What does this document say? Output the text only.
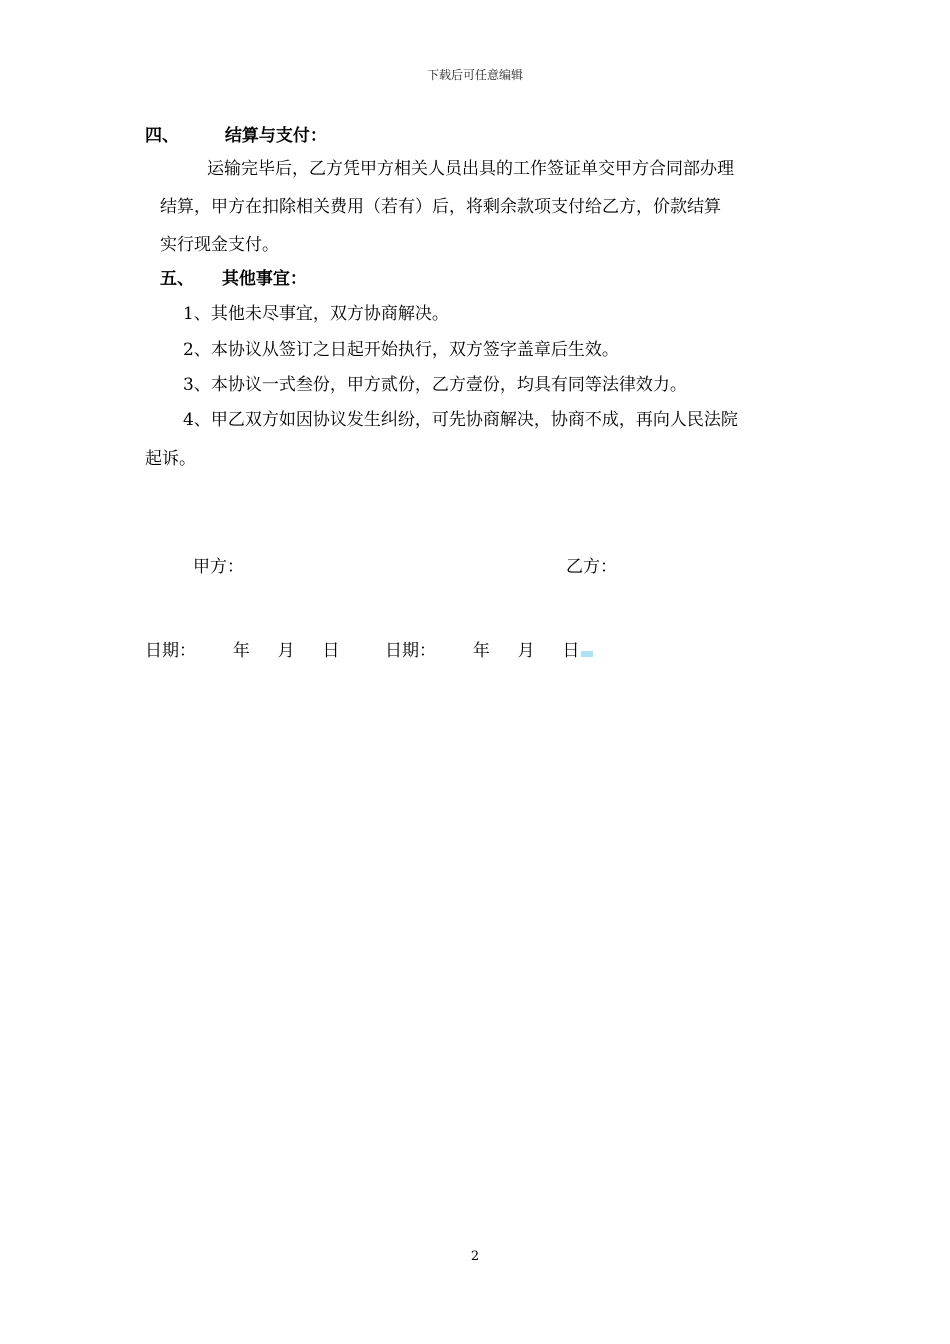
下载后可任意编辑
四、	结算与支付：
运输完毕后，乙方凭甲方相关人员出具的工作签证单交甲方合同部办理
结算，甲方在扣除相关费用（若有）后，将剩余款项支付给乙方，价款结算
实行现金支付。
五、 其他事宜：
1、其他未尽事宜，双方协商解决。
2、本协议从签订之日起开始执行，双方签字盖章后生效。
3、本协议一式叁份，甲方贰份，乙方壹份，均具有同等法律效力。
4、甲乙双方如因协议发生纠纷，可先协商解决，协商不成，再向人民法院
起诉。
甲方：	乙方：
日期： 年 月 日	日期： 年 月 日
2
